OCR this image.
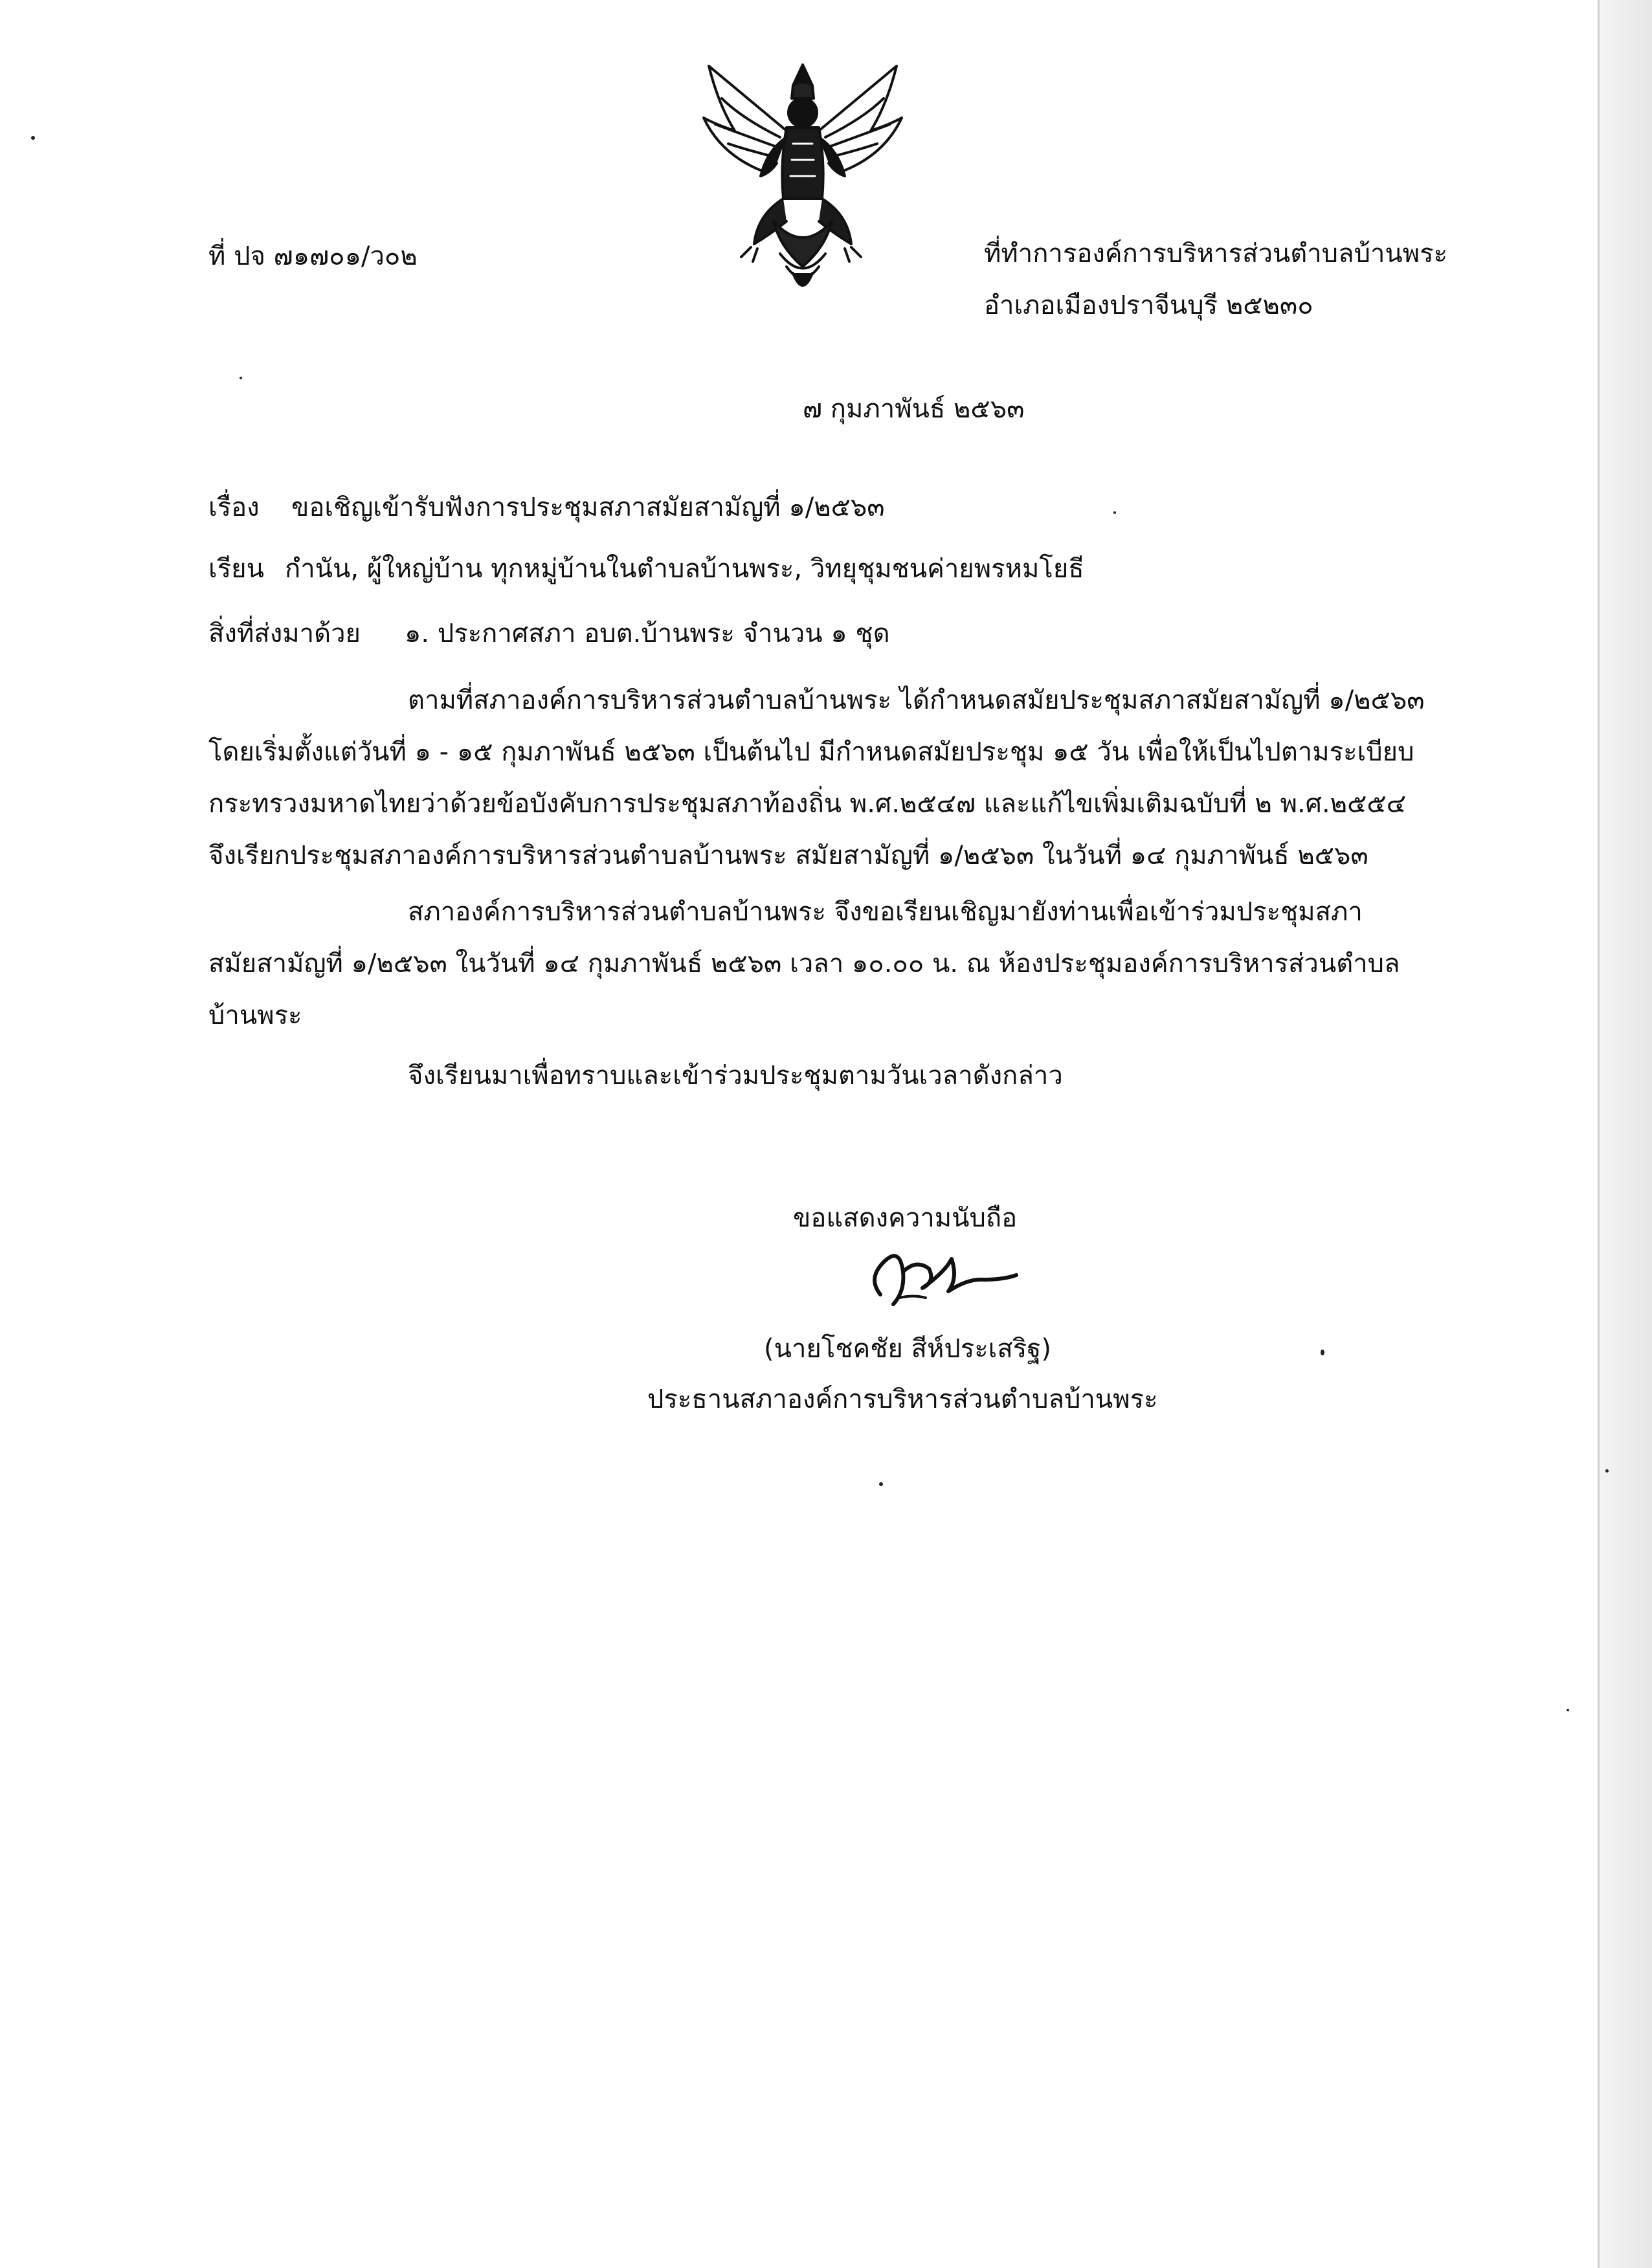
ที่ ปจ ๗๑๗๐๑/ว๐๒	ที่ทำการองค์การบริหารส่วนตำบลบ้านพระ
อำเภอเมืองปราจีนบุรี ๒๕๒๓๐
๗ กุมภาพันธ์ ๒๕๖๓
เรื่อง ขอเชิญเข้ารับฟังการประชุมสภาสมัยสามัญที่ ๑/๒๕๖๓
เรียน กำนัน, ผู้ใหญ่บ้าน ทุกหมู่บ้านในตำบลบ้านพระ, วิทยุชุมชนค่ายพรหมโยธี
สิ่งที่ส่งมาด้วย ๑. ประกาศสภา อบต.บ้านพระ จำนวน ๑ ชุด
ตามที่สภาองค์การบริหารส่วนตำบลบ้านพระ ได้กำหนดสมัยประชุมสภาสมัยสามัญที่ ๑/๒๕๖๓
โดยเริ่มตั้งแต่วันที่ ๑ - ๑๕ กุมภาพันธ์ ๒๕๖๓ เป็นต้นไป มีกำหนดสมัยประชุม ๑๕ วัน เพื่อให้เป็นไปตามระเบียบ
กระทรวงมหาดไทยว่าด้วยข้อบังคับการประชุมสภาท้องถิ่น พ.ศ.๒๕๔๗ และแก้ไขเพิ่มเติมฉบับที่ ๒ พ.ศ.๒๕๕๔
จึงเรียกประชุมสภาองค์การบริหารส่วนตำบลบ้านพระ สมัยสามัญที่ ๑/๒๕๖๓ ในวันที่ ๑๔ กุมภาพันธ์ ๒๕๖๓
สภาองค์การบริหารส่วนตำบลบ้านพระ จึงขอเรียนเชิญมายังท่านเพื่อเข้าร่วมประชุมสภา
สมัยสามัญที่ ๑/๒๕๖๓ ในวันที่ ๑๔ กุมภาพันธ์ ๒๕๖๓ เวลา ๑๐.๐๐ น. ณ ห้องประชุมองค์การบริหารส่วนตำบล
บ้านพระ
จึงเรียนมาเพื่อทราบและเข้าร่วมประชุมตามวันเวลาดังกล่าว
ขอแสดงความนับถือ
(นายโชคชัย สีห์ประเสริฐ)
ประธานสภาองค์การบริหารส่วนตำบลบ้านพระ
